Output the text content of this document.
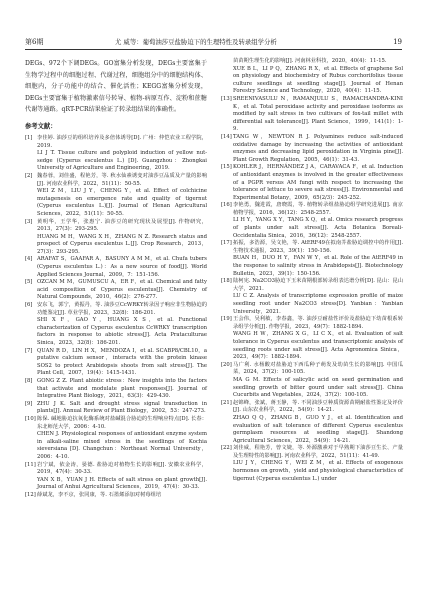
第6期	尤 威等：葡萄油莎豆盐胁迫下的生理特性及转录组学分析	19

DEGs、972个下调DEGs。GO富集分析发现，DEGs主要富集于生物学过程中的细胞过程、代谢过程，细胞组分中的细胞结构体、细胞内，分子功能中的结合、催化活性；KEGG富集分析发现，DEGs主要富集于植物激素信号转导、植物-病原互作、淀粉和蔗糖代谢等通路。qRT-PCR结果验证了转录组结果的准确性。

参考文献：
[1] 李佳婷. 油莎豆的组织培养及多倍体诱导[D]. 广州：仲恺农业工程学院，2019.
LI J T. Tissue culture and polyploid induction of yellow nut-sedge (Cyperus esculentus L.) [D]. Guangzhou：Zhongkai University of Agriculture and Engineering，2019.
[2] 魏春蓉，刘佳盛，程艳芳，等. 秋水仙素诱变对油莎豆品质及产量的影响[J]. 河南农业科学，2022，51(11)：50-55.
WEI Z M，LIU J Y，CHENG Y，et al. Effect of colchicine mutagenesis on emergence rate and quality of tigernut (Cyperus esculentus L.)[J]. Journal of Henan Agricultural Sciences，2022，51(11)：50-55.
[3] 黄明华，王学华，张惠宁. 油莎豆的研究现状及展望[J]. 作物研究，2013，27(3)：293-295.
HUANG M H，WANG X H，ZHANG N Z. Research status and prospect of Cyperus esculentus L.[J]. Crop Research，2013，27(3)：293-295.
[4] ARAFAT S，GAAFAR A，BASUNY A M M，et al. Chufa tubers (Cyperus esculentus L.)：As a new source of food[J]. World Applied Sciences Journal，2009，7：151-156.
[5] OZCAN M M，GUMUSCU A，ER F，et al. Chemical and fatty acid composition of Cyperus esculentus[J]. Chemistry of Natural Compounds，2010，46(2)：276-277.
[6] 安东飞，郭宁，黄振丹，等. 油莎豆CcWRKY转录因子响应非生物胁迫的功能鉴定[J]. 草业学报，2023，32(8)：186-201.
SHI X F，GAO Y，HUANG X S，et al. Functional characterization of Cyperus esculentus CcWRKY transcription factors in response to abiotic stress[J]. Acta Prataculturae Sinica，2023，32(8)：186-201.
[7] QUAN R D，LIN H X，MENDOZA I，et al. SCABP8/CBL10，a putative calcium sensor，interacts with the protein kinase SOS2 to protect Arabidopsis shoots from salt stress[J]. The Plant Cell，2007，19(4)：1415-1431.
[8] GONG Z Z. Plant abiotic stress：New insights into the factors that activate and modulate plant responses[J]. Journal of Integrative Plant Biology，2021，63(3)：429-430.
[9] ZHU J K. Salt and drought stress signal transduction in plants[J]. Annual Review of Plant Biology，2002，53：247-273.
[10] 陈保. 碱地胁迫抗氧化酶系统对盐碱混合胁迫的生理响应特点[D]. 长春：东北师范大学，2006：4-10.
CHEN J. Physiological responses of antioxidant enzyme system in alkali-saline mixed stress in the seedlings of Kochia sieversiana [D]. Changchun：Northeast Normal University，2006：4-10.
[11] 岩宁斌，依金涛，晏德. 盐胁迫对植物生长的影响[J]. 安徽农业科学，2019，47(4)：30-33.
YAN X B，YUAN J H. Effects of salt stress on plant growth[J]. Journal of Anhui Agricultural Sciences，2019，47(4)：30-33.
[12] 薛斌龙，李不京，张同康，等. 石墨烯添加对树莓组培

苗苗期生理生化的影响[J]. 河南林业科技，2020，40(4)：11-15.

XUE B L，LI P Q，ZHANG R X，et al. Effects of graphene Sol on physiology and biochemistry of Rubus corchorifolius tissue culture seedlings at seedling stage[J]. Journal of Henan Forestry Science and Technology，2020，40(4)：11-15.
[13] SREENIVASULU N，RAMANJULU S，RAMACHANDRA-KINI K，et al. Total peroxidase activity and peroxidase isoforms as modified by salt stress in two cultivars of fox-tail millet with differential salt tolerance[J]. Plant Science，1999，141(1)：1-9.
[14] TANG W，NEWTON R J. Polyamines reduce salt-induced oxidative damage by increasing the activities of antioxidant enzymes and decreasing lipid peroxidation in Virginia pine[J]. Plant Growth Regulation，2005，46(1)：31-43.
[15] KOHLER J，HERNÁNDEZ J A，CARAVACA F，et al. Induction of antioxidant enzymes is involved in the greater effectiveness of a PGPR versus AM fungi with respect to increasing the tolerance of lettuce to severe salt stress[J]. Environmental and Experimental Botany，2009，65(2/3)：245-252.
[16] 李艳勇，魏进霞，唐晓霞，等. 植物转录组盐胁迫组学研究进展[J]. 南京植物学报，2016，36(12)：2548-2557.
LI H Y，YANG X Y，TANG X Q，et al. Omics research progress of plants under salt stress[J]. Acta Botanica Boreali-Occidentalia Sinica，2016，36(12)：2548-2557.
[17] 拓振，多浩源，吴文艳，等. AtERF49在拟南芥盐胁迫调控中的作用[J]. 生物技术通报，2023，39(1)：150-156.
BUAN H，DUO H Y，FAN W Y，et al. Role of the AtERF49 in the response to salinity stress in Arabidopsis[J]. Biotechnology Bulletin，2023，39(1)：150-156.
[18] 陆柯宪. Na2CO3胁迫下玉米苗期根部转录组表达谱分析[D]. 昆山：昆山大学，2021.
LU C Z. Analysis of transcriptome expression profile of maize seedling root under Na2CO3 stress[D]. Yanbian：Yanbian University，2021.
[19] 王会伟，吴利敏，李春鑫，等. 油莎豆耐盐性评价及盐胁迫下幼苗根系转录组学分析[J]. 作物学报，2023，49(7)：1882-1894.
WANG H W，ZHANG X G，LI C X，et al. Evaluation of salt tolerance in Cyperus esculentus and transcriptomic analysis of seedling roots under salt stress[J]. Acta Agronomica Sinica，2023，49(7)：1882-1894.
[20] 马广利. 水杨酸对盐胁迫下西瓜种子萌发及幼苗生长的影响[J]. 中国瓜菜，2024，37(2)：100-105.
MA G M. Effects of salicylic acid on seed germination and seedling growth of bitter gourd under salt stress[J]. China Cucurbits and Vegetables，2024，37(2)：100-105.
[21] 赵锦峰，张斌，蒋玉静，等. 不同油莎豆种质资源苗期耐盐性鉴定及评价[J]. 山东农业科学，2022，54(9)：14-21.
ZHAO Q Q，ZHANG B，GUO Y J，et al. Identification and evaluation of salt tolerance of different Cyperus esculentus germplasm resources at seedling stage[J]. Shandong Agricultural Sciences，2022，54(9)：14-21.
[22] 刘佳威，程艳芳，曾文婕，等. 外源激素对于早熟期下油莎豆生长、产量及生理特性的影响[J]. 河南农业科学，2022，51(11)：41-49.
LIU J Y，CHENG Y，WEI Z M，et al. Effects of exogenous hormones on growth，yield and physiological characteristics of tigernut (Cyperus esculentus L.) under
